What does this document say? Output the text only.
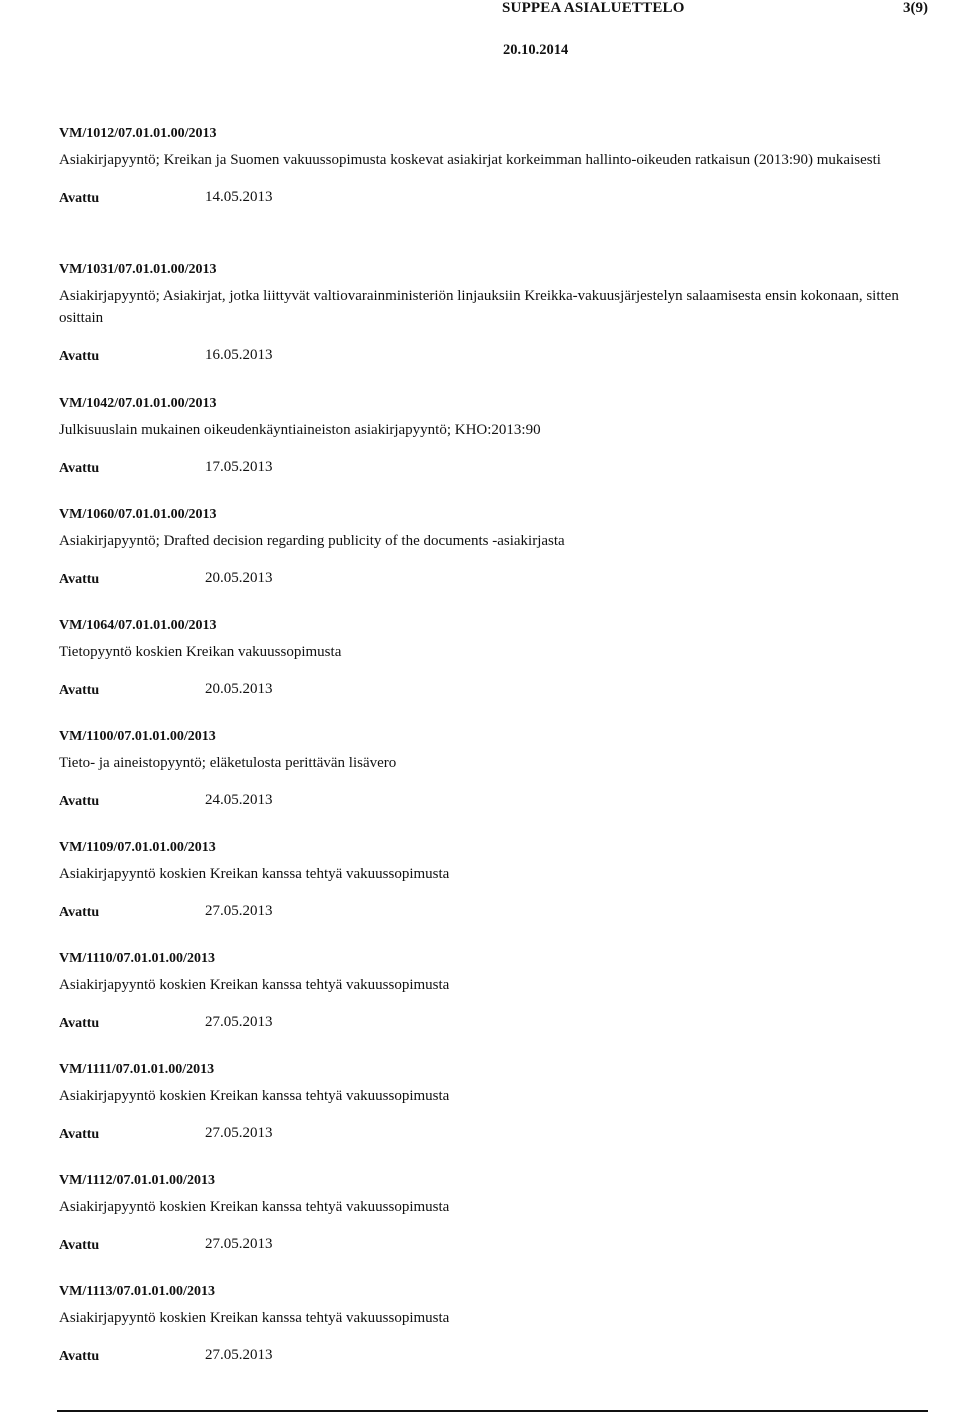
SUPPEA ASIALUETTELO	3(9)
20.10.2014
VM/1012/07.01.01.00/2013
Asiakirjapyyntö; Kreikan ja Suomen vakuussopimusta koskevat asiakirjat korkeimman hallinto-oikeuden ratkaisun (2013:90) mukaisesti
Avattu	14.05.2013
VM/1031/07.01.01.00/2013
Asiakirjapyyntö; Asiakirjat, jotka liittyvät valtiovarainministeriön linjauksiin Kreikka-vakuusjärjestelyn salaamisesta ensin kokonaan, sitten osittain
Avattu	16.05.2013
VM/1042/07.01.01.00/2013
Julkisuuslain mukainen oikeudenkäyntiaineiston asiakirjapyyntö; KHO:2013:90
Avattu	17.05.2013
VM/1060/07.01.01.00/2013
Asiakirjapyyntö; Drafted decision regarding publicity of the documents -asiakirjasta
Avattu	20.05.2013
VM/1064/07.01.01.00/2013
Tietopyyntö koskien Kreikan vakuussopimusta
Avattu	20.05.2013
VM/1100/07.01.01.00/2013
Tieto- ja aineistopyyntö; eläketulosta perittävän lisävero
Avattu	24.05.2013
VM/1109/07.01.01.00/2013
Asiakirjapyyntö koskien Kreikan kanssa tehtyä vakuussopimusta
Avattu	27.05.2013
VM/1110/07.01.01.00/2013
Asiakirjapyyntö koskien Kreikan kanssa tehtyä vakuussopimusta
Avattu	27.05.2013
VM/1111/07.01.01.00/2013
Asiakirjapyyntö koskien Kreikan kanssa tehtyä vakuussopimusta
Avattu	27.05.2013
VM/1112/07.01.01.00/2013
Asiakirjapyyntö koskien Kreikan kanssa tehtyä vakuussopimusta
Avattu	27.05.2013
VM/1113/07.01.01.00/2013
Asiakirjapyyntö koskien Kreikan kanssa tehtyä vakuussopimusta
Avattu	27.05.2013
